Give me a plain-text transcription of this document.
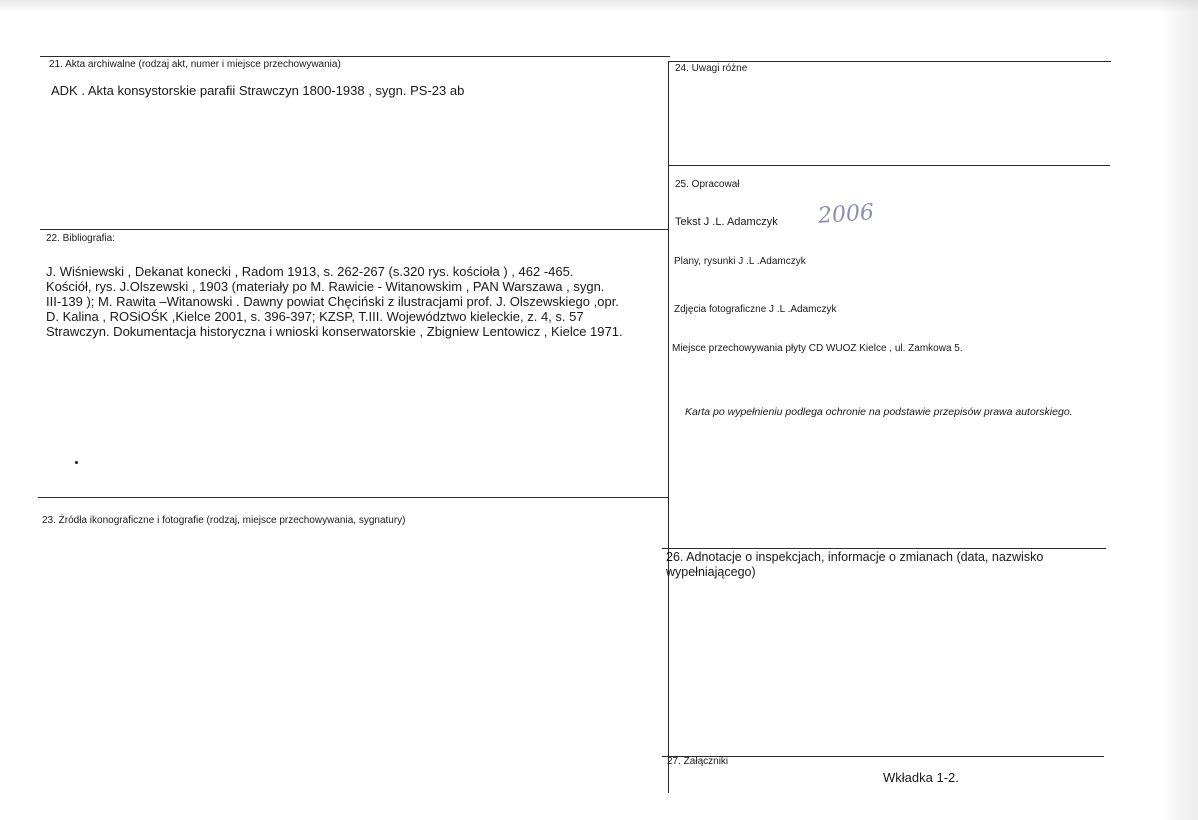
21. Akta archiwalne (rodzaj akt, numer i miejsce przechowywania)
ADK . Akta konsystorskie parafii Strawczyn 1800-1938 , sygn. PS-23 ab
22. Bibliografia:
J. Wiśniewski , Dekanat konecki , Radom 1913, s. 262-267 (s.320 rys. kościoła ) , 462 -465.
Kościół, rys. J.Olszewski , 1903 (materiały po M. Rawicie - Witanowskim , PAN Warszawa , sygn.
III-139 ); M. Rawita –Witanowski . Dawny powiat Chęciński z ilustracjami prof. J. Olszewskiego ,opr.
D. Kalina , ROSiOŚK ,Kielce 2001, s. 396-397; KZSP, T.III. Województwo kieleckie, z. 4, s. 57
Strawczyn. Dokumentacja historyczna i wnioski konserwatorskie , Zbigniew Lentowicz , Kielce 1971.
23. Źródła ikonograficzne i fotografie (rodzaj, miejsce przechowywania, sygnatury)
24. Uwagi różne
25. Opracował
Tekst J .L. Adamczyk 2006
Plany, rysunki J .L .Adamczyk
Zdjęcia fotograficzne J .L .Adamczyk
Miejsce przechowywania płyty CD WUOZ Kielce , ul. Zamkowa 5.
Karta po wypełnieniu podlega ochronie na podstawie przepisów prawa autorskiego.
26. Adnotacje o inspekcjach, informacje o zmianach (data, nazwisko
wypełniającego)
27. Załączniki
Wkładka 1-2.
